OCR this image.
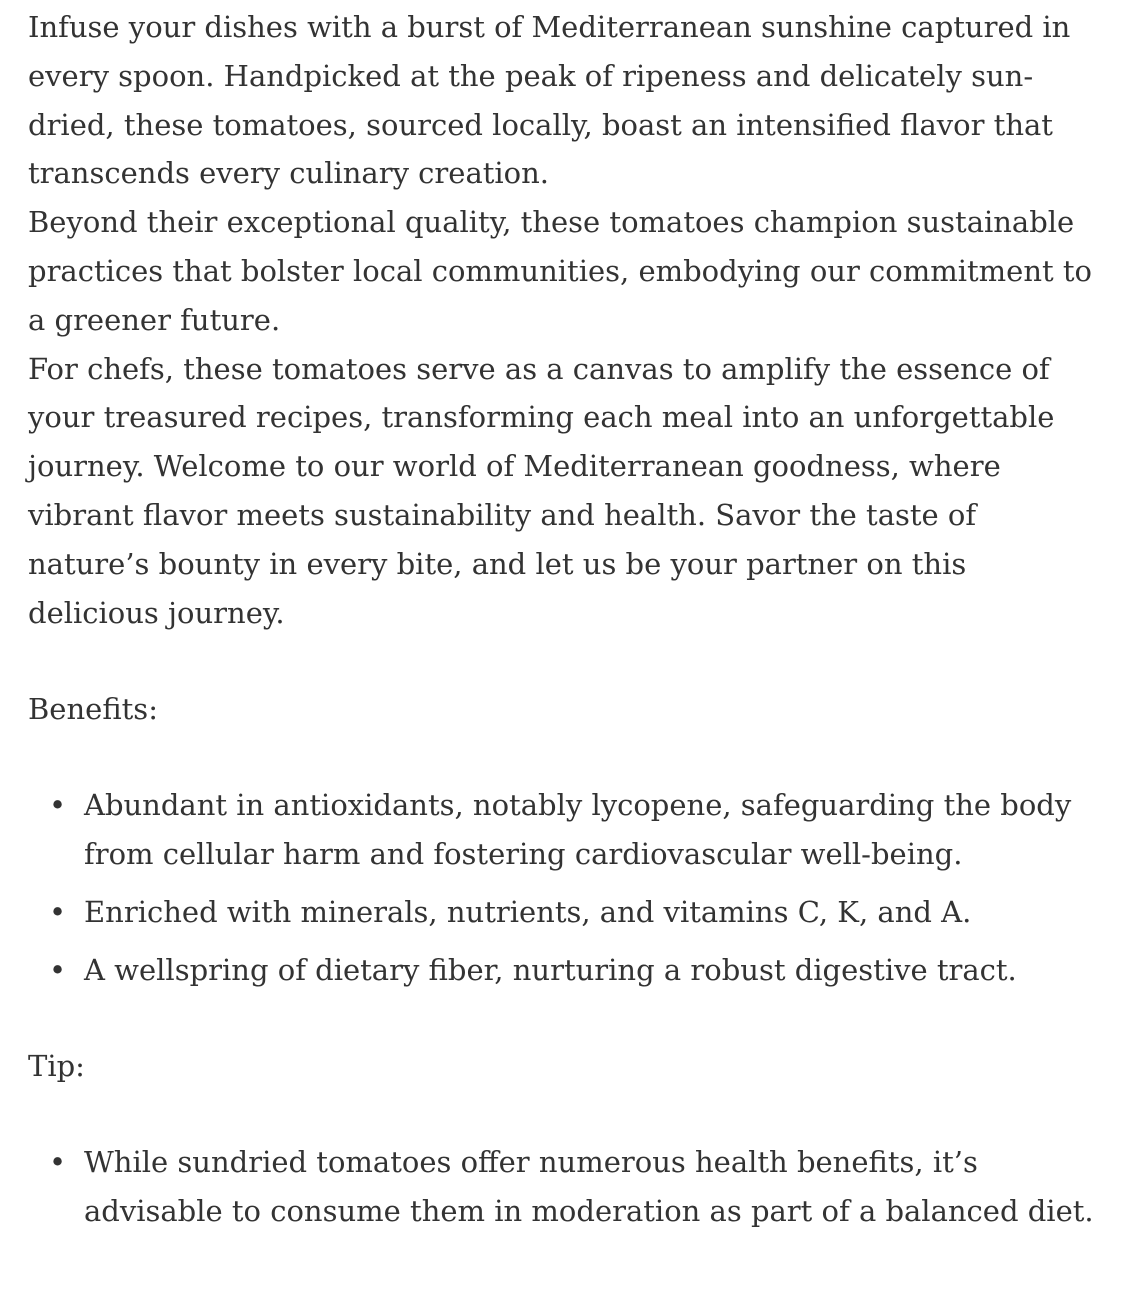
Infuse your dishes with a burst of Mediterranean sunshine captured in every spoon. Handpicked at the peak of ripeness and delicately sun-dried, these tomatoes, sourced locally, boast an intensified flavor that transcends every culinary creation.

Beyond their exceptional quality, these tomatoes champion sustainable practices that bolster local communities, embodying our commitment to a greener future.

For chefs, these tomatoes serve as a canvas to amplify the essence of your treasured recipes, transforming each meal into an unforgettable journey. Welcome to our world of Mediterranean goodness, where vibrant flavor meets sustainability and health. Savor the taste of nature’s bounty in every bite, and let us be your partner on this delicious journey.

Benefits:

• Abundant in antioxidants, notably lycopene, safeguarding the body from cellular harm and fostering cardiovascular well-being.
• Enriched with minerals, nutrients, and vitamins C, K, and A.
• A wellspring of dietary fiber, nurturing a robust digestive tract.

Tip:

• While sundried tomatoes offer numerous health benefits, it’s advisable to consume them in moderation as part of a balanced diet.
